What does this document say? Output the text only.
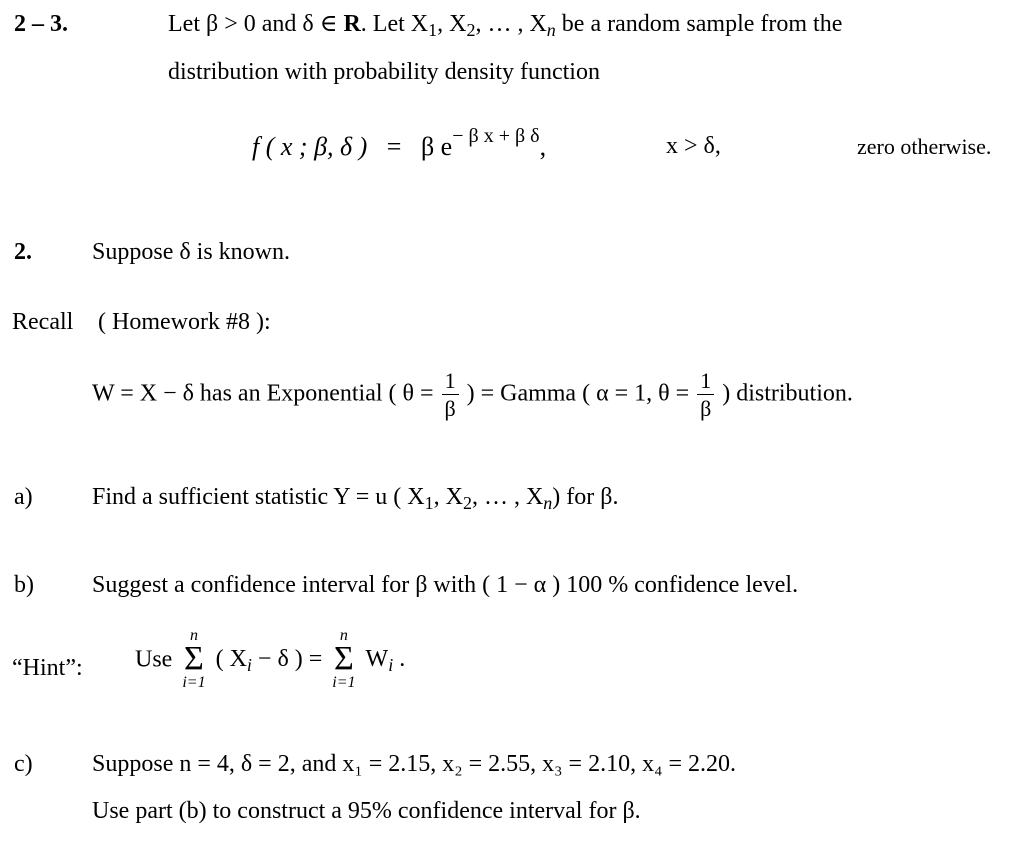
2 – 3.	Let β > 0 and δ ∈ R. Let $X_1$, $X_2$, … , $X_n$ be a random sample from the
distribution with probability density function
f ( x ; β, δ ) = β $e^{- \beta x + \beta \delta}$,	x > δ,	zero otherwise.
2.	Suppose δ is known.
Recall ( Homework #8 ):
W = X − δ has an Exponential ( $\theta = \frac{1}{\beta}$ ) = Gamma ( α = 1, $\theta = \frac{1}{\beta}$ ) distribution.
a) Find a sufficient statistic Y = u ( $X_1$, $X_2$, … , $X_n$) for β.
b) Suggest a confidence interval for β with ( 1 − α ) 100 % confidence level.
“Hint”: Use
n
Σ
i=1
( $X_i - \delta$ ) =
n
Σ
i=1
$W_i$ .
c) Suppose n = 4, δ = 2, and x₁ = 2.15, x₂ = 2.55, x₃ = 2.10, x₄ = 2.20.
Use part (b) to construct a 95% confidence interval for β.
